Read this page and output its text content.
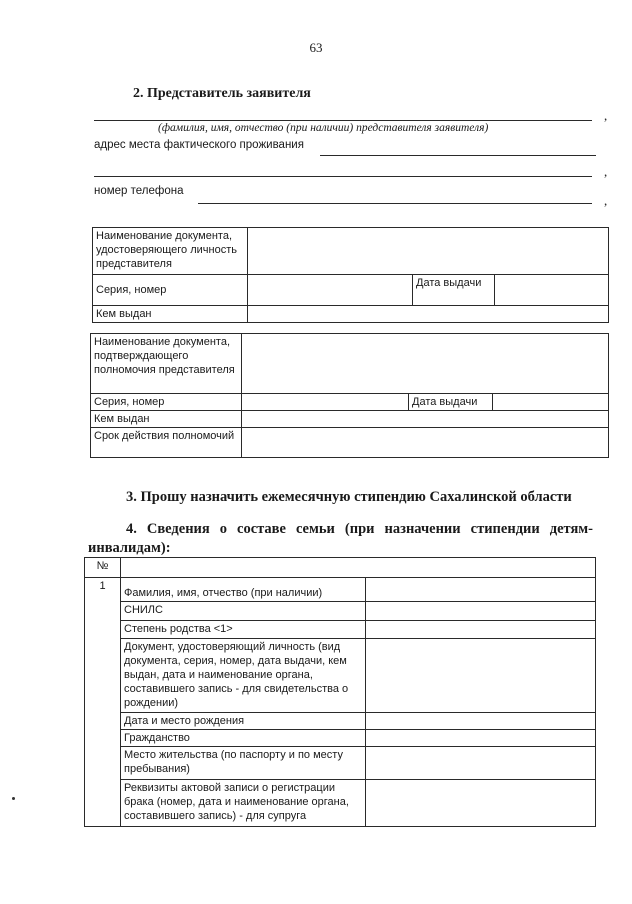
63
2. Представитель заявителя
,
(фамилия, имя, отчество (при наличии) представителя заявителя)
адрес места фактического проживания
,
номер телефона
,
Наименование документа, удостоверяющего личность представителя			
Серия, номер		Дата выдачи	
Кем выдан			
Наименование документа, подтверждающего полномочия представителя			
Серия, номер		Дата выдачи	
Кем выдан			
Срок действия полномочий			
3. Прошу назначить ежемесячную стипендию Сахалинской области
4. Сведения о составе семьи (при назначении стипендии детям-инвалидам):
№		
1	Фамилия, имя, отчество (при наличии)	
	СНИЛС	
	Степень родства <1>	
	Документ, удостоверяющий личность (вид документа, серия, номер, дата выдачи, кем выдан, дата и наименование органа, составившего запись - для свидетельства о рождении)	
	Дата и место рождения	
	Гражданство	
	Место жительства (по паспорту и по месту пребывания)	
	Реквизиты актовой записи о регистрации брака (номер, дата и наименование органа, составившего запись) - для супруга	
